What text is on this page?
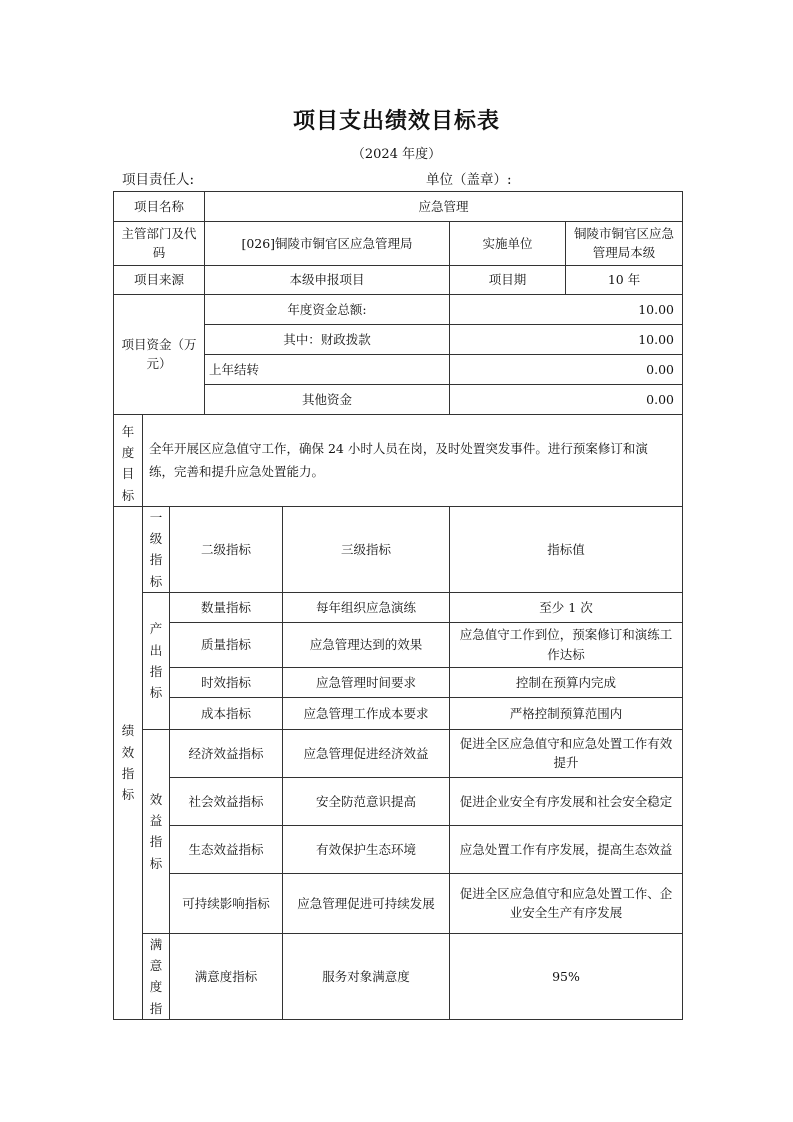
项目支出绩效目标表
（2024 年度）
项目责任人:	单位（盖章）:
项目名称			应急管理			
主管部门及代码			[026]铜陵市铜官区应急管理局		实施单位	铜陵市铜官区应急管理局本级
项目来源			本级申报项目		项目期	10 年
项目资金（万元）			年度资金总额:		10.00	
			其中：财政拨款		10.00	
			上年结转		0.00	
			其他资金		0.00	

年度目标	全年开展区应急值守工作，确保 24 小时人员在岗，及时处置突发事件。进行预案修订和演练，完善和提升应急处置能力。					

绩效指标	一级指标	二级指标		三级指标	指标值	

	产出指标	数量指标		每年组织应急演练	至少 1 次	
		质量指标		应急管理达到的效果	应急值守工作到位，预案修订和演练工作达标	
		时效指标		应急管理时间要求	控制在预算内完成	
		成本指标		应急管理工作成本要求	严格控制预算范围内	

	效益指标	经济效益指标		应急管理促进经济效益	促进全区应急值守和应急处置工作有效提升	
		社会效益指标		安全防范意识提高	促进企业安全有序发展和社会安全稳定	
		生态效益指标		有效保护生态环境	应急处置工作有序发展，提高生态效益	
		可持续影响指标		应急管理促进可持续发展	促进全区应急值守和应急处置工作、企业安全生产有序发展	

	满意度指	满意度指标		服务对象满意度	95%	
